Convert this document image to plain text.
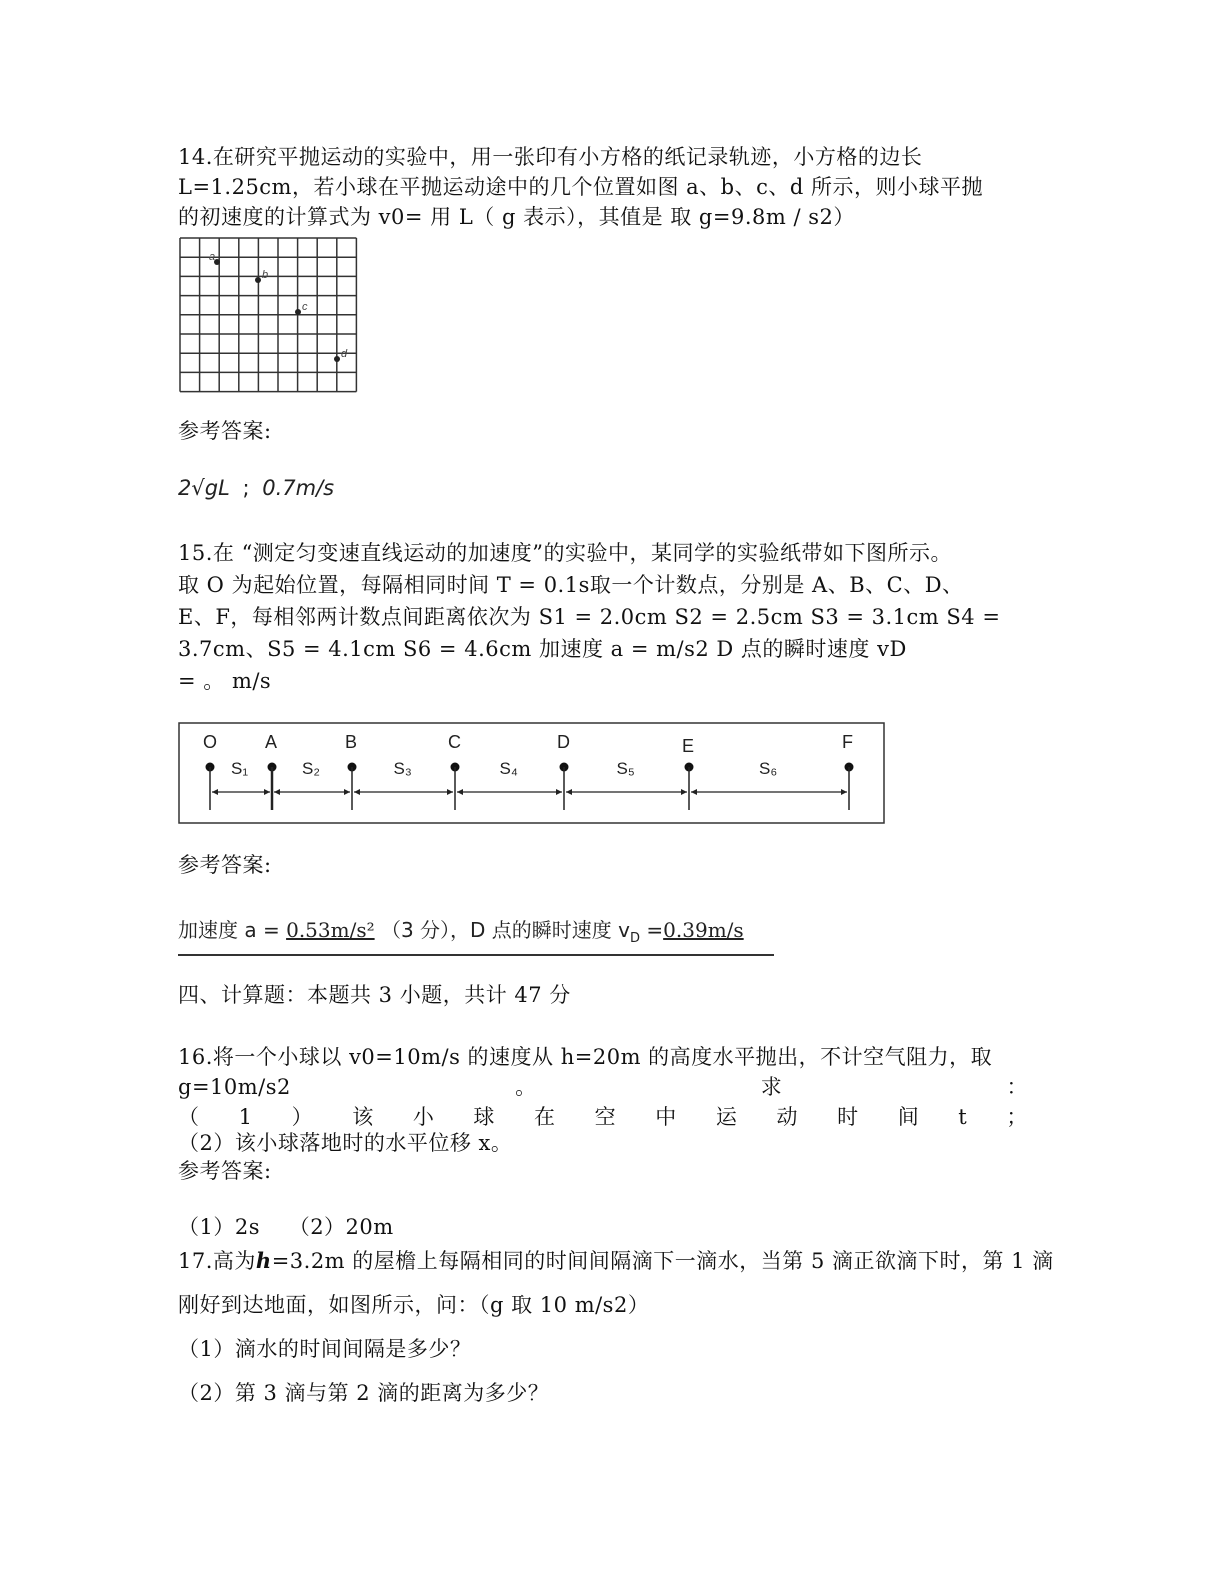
14.在研究平抛运动的实验中，用一张印有小方格的纸记录轨迹，小方格的边长
L=1.25cm，若小球在平抛运动途中的几个位置如图 a、b、c、d 所示，则小球平抛
的初速度的计算式为 v0= 用 L（ g 表示），其值是 取 g=9.8m / s2）
a
b
c
d
参考答案:
2√gL ; 0.7m/s
15.在 “测定匀变速直线运动的加速度”的实验中，某同学的实验纸带如下图所示。
取 O 为起始位置，每隔相同时间 T = 0.1s取一个计数点，分别是 A、B、C、D、
E、F，每相邻两计数点间距离依次为 S1 = 2.0cm S2 = 2.5cm S3 = 3.1cm S4 =
3.7cm、S5 = 4.1cm S6 = 4.6cm 加速度 a = m/s2 D 点的瞬时速度 vD
= 。 m/s
O	A	B	C	D	E	F
S₁	S₂	S₃	S₄	S₅	S₆
参考答案:
加速度 a = 0.53m/s² （3 分），D 点的瞬时速度 $v_D =0.39m/s$
四、计算题：本题共 3 小题，共计 47 分
16.将一个小球以 v0=10m/s 的速度从 h=20m 的高度水平抛出，不计空气阻力，取
g=10m/s2	。	求	：
（ 1 ） 该 小 球 在 空 中 运 动 时 间 t ；
（2）该小球落地时的水平位移 x。
参考答案:
（1）2s    （2）20m
17.高为h=3.2m 的屋檐上每隔相同的时间间隔滴下一滴水，当第 5 滴正欲滴下时，第 1 滴
刚好到达地面，如图所示，问：（g 取 10 m/s2）
（1）滴水的时间间隔是多少？
（2）第 3 滴与第 2 滴的距离为多少？
